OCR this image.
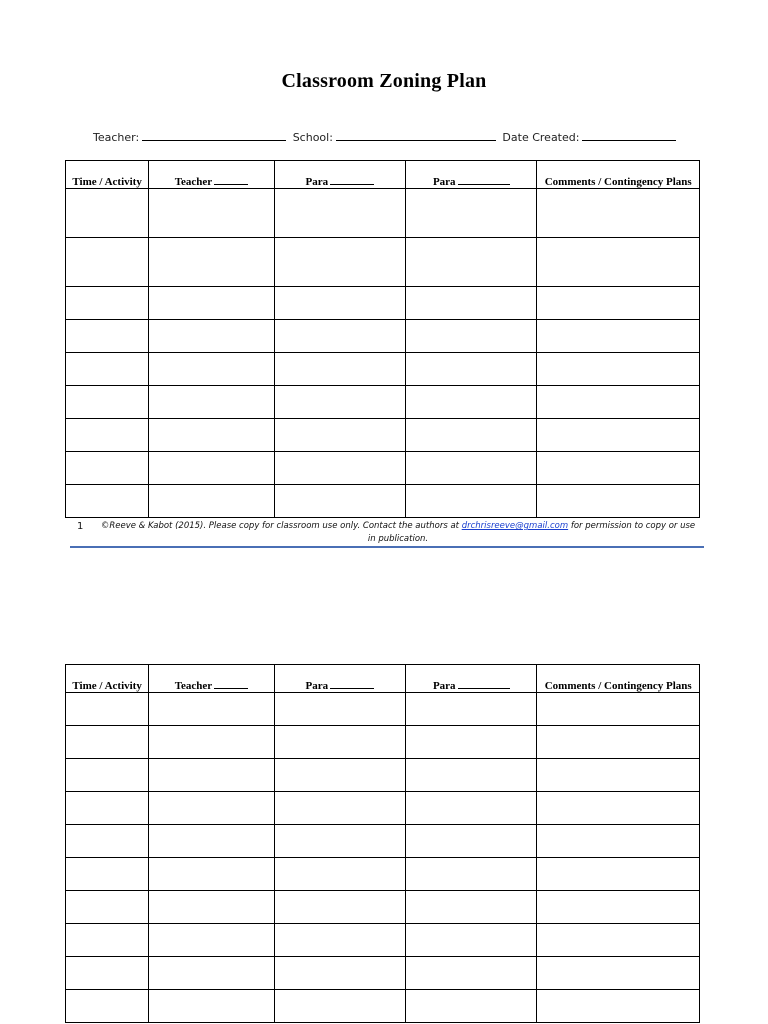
Classroom Zoning Plan
Teacher:	School:	Date Created:
Time / Activity	Teacher	Para	Para	Comments / Contingency Plans

1	©Reeve & Kabot (2015). Please copy for classroom use only. Contact the authors at drchrisreeve@gmail.com for permission to copy or use in publication.
Time / Activity	Teacher	Para	Para	Comments / Contingency Plans
